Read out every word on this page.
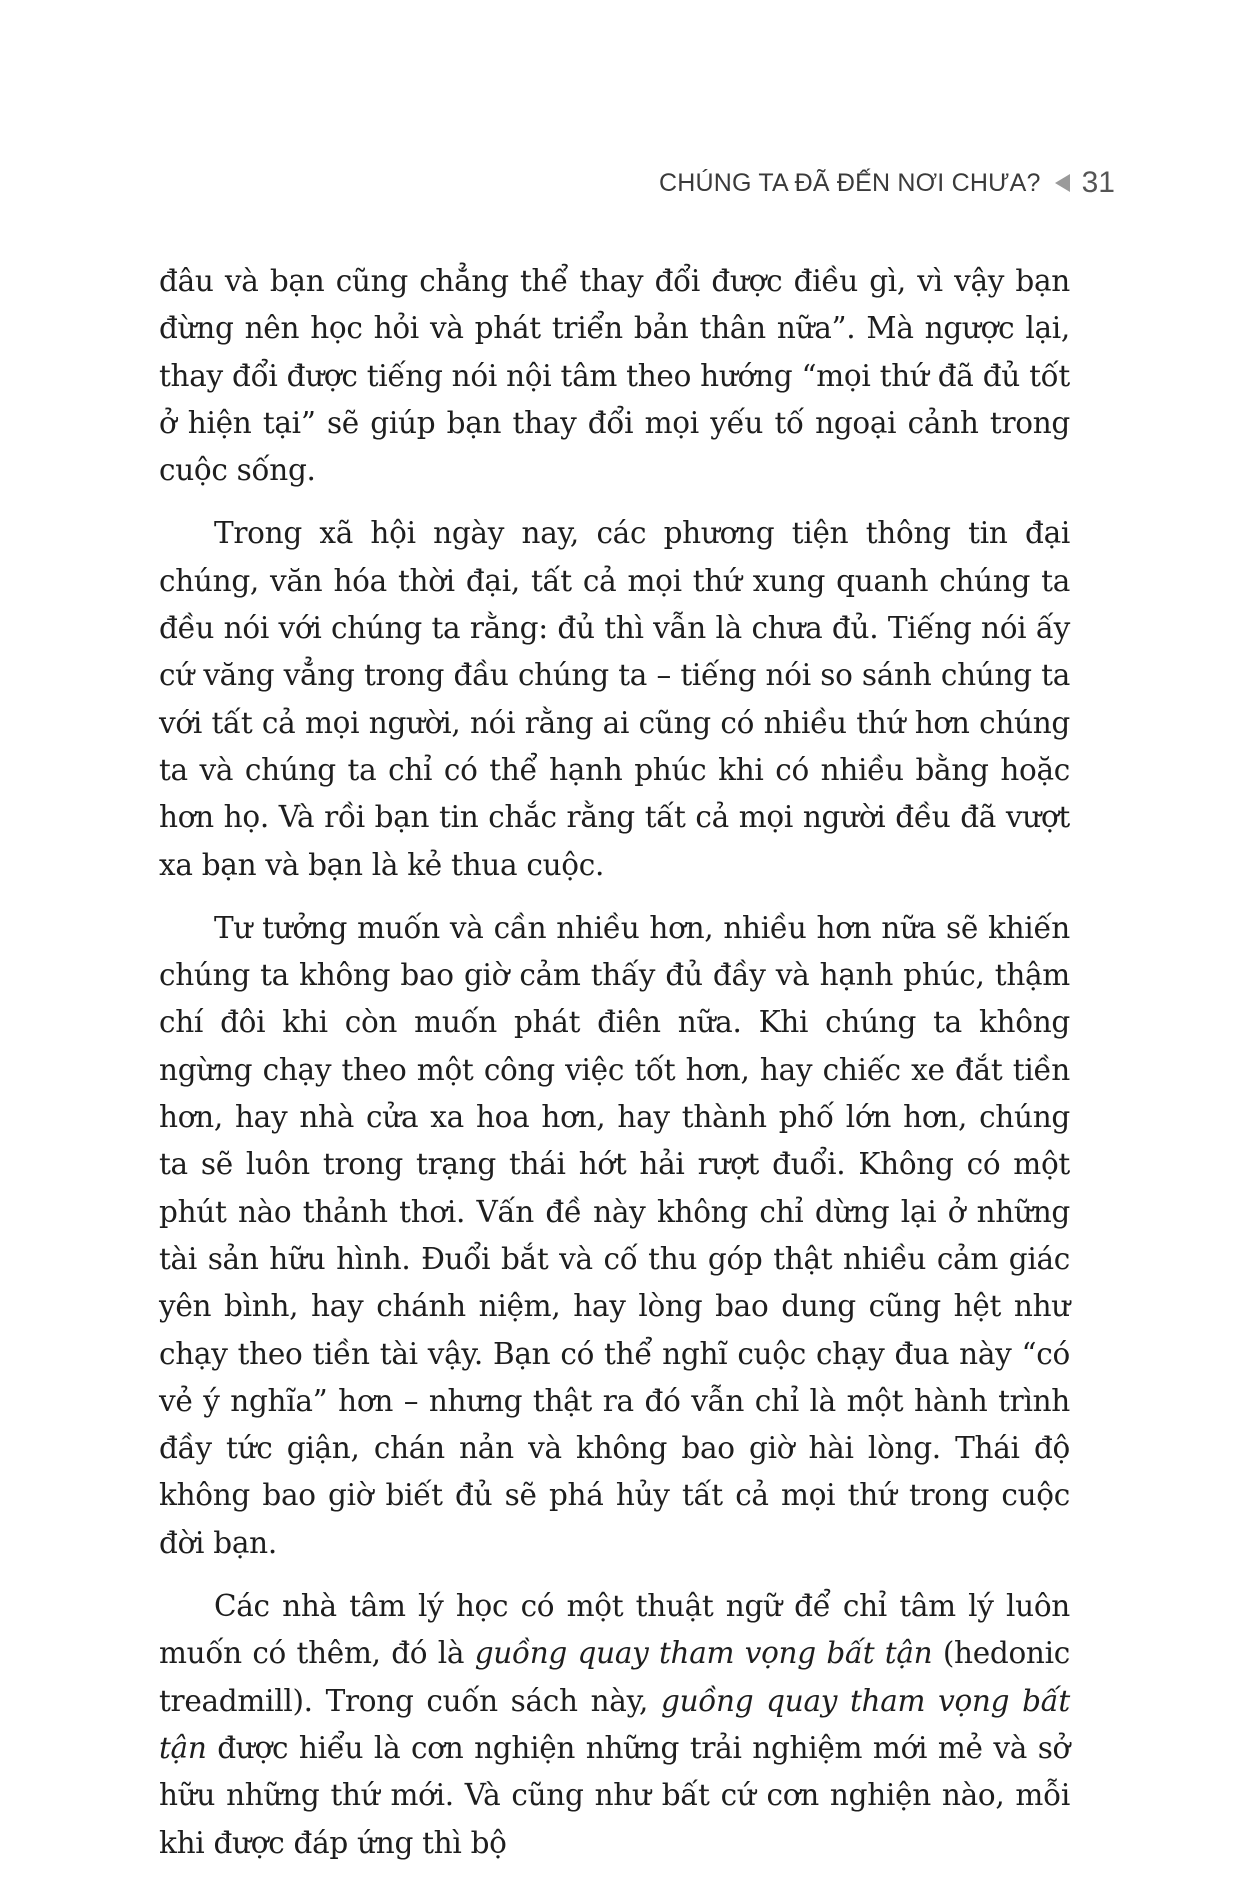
CHÚNG TA ĐÃ ĐẾN NƠI CHƯA? 31

đâu và bạn cũng chẳng thể thay đổi được điều gì, vì vậy bạn đừng nên học hỏi và phát triển bản thân nữa”. Mà ngược lại, thay đổi được tiếng nói nội tâm theo hướng “mọi thứ đã đủ tốt ở hiện tại” sẽ giúp bạn thay đổi mọi yếu tố ngoại cảnh trong cuộc sống.

Trong xã hội ngày nay, các phương tiện thông tin đại chúng, văn hóa thời đại, tất cả mọi thứ xung quanh chúng ta đều nói với chúng ta rằng: đủ thì vẫn là chưa đủ. Tiếng nói ấy cứ văng vẳng trong đầu chúng ta – tiếng nói so sánh chúng ta với tất cả mọi người, nói rằng ai cũng có nhiều thứ hơn chúng ta và chúng ta chỉ có thể hạnh phúc khi có nhiều bằng hoặc hơn họ. Và rồi bạn tin chắc rằng tất cả mọi người đều đã vượt xa bạn và bạn là kẻ thua cuộc.

Tư tưởng muốn và cần nhiều hơn, nhiều hơn nữa sẽ khiến chúng ta không bao giờ cảm thấy đủ đầy và hạnh phúc, thậm chí đôi khi còn muốn phát điên nữa. Khi chúng ta không ngừng chạy theo một công việc tốt hơn, hay chiếc xe đắt tiền hơn, hay nhà cửa xa hoa hơn, hay thành phố lớn hơn, chúng ta sẽ luôn trong trạng thái hớt hải rượt đuổi. Không có một phút nào thảnh thơi. Vấn đề này không chỉ dừng lại ở những tài sản hữu hình. Đuổi bắt và cố thu góp thật nhiều cảm giác yên bình, hay chánh niệm, hay lòng bao dung cũng hệt như chạy theo tiền tài vậy. Bạn có thể nghĩ cuộc chạy đua này “có vẻ ý nghĩa” hơn – nhưng thật ra đó vẫn chỉ là một hành trình đầy tức giận, chán nản và không bao giờ hài lòng. Thái độ không bao giờ biết đủ sẽ phá hủy tất cả mọi thứ trong cuộc đời bạn.

Các nhà tâm lý học có một thuật ngữ để chỉ tâm lý luôn muốn có thêm, đó là guồng quay tham vọng bất tận (hedonic treadmill). Trong cuốn sách này, guồng quay tham vọng bất tận được hiểu là cơn nghiện những trải nghiệm mới mẻ và sở hữu những thứ mới. Và cũng như bất cứ cơn nghiện nào, mỗi khi được đáp ứng thì bộ
